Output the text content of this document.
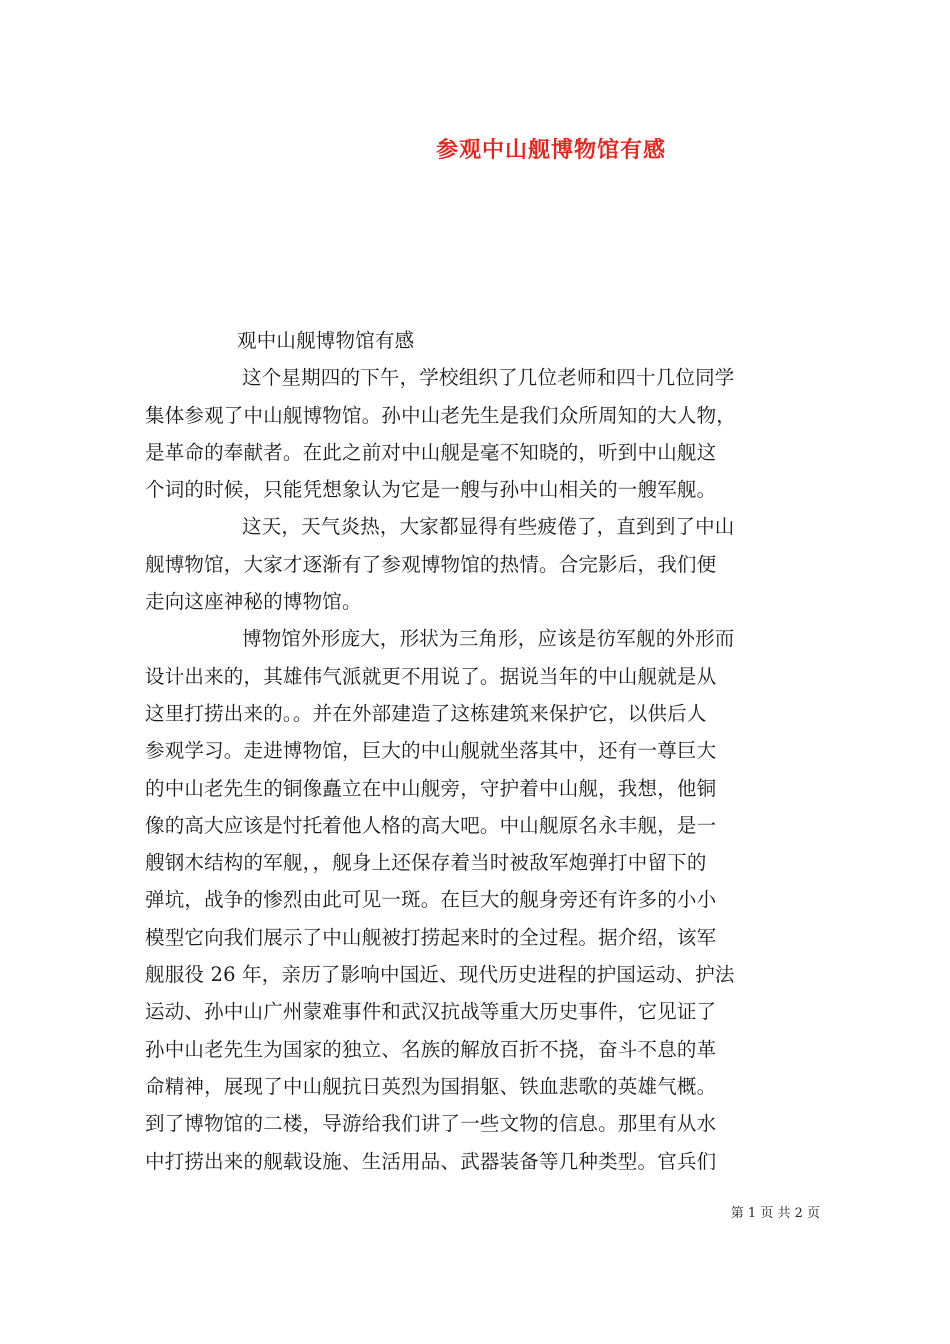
参观中山舰博物馆有感
观中山舰博物馆有感
这个星期四的下午，学校组织了几位老师和四十几位同学
集体参观了中山舰博物馆。孙中山老先生是我们众所周知的大人物，
是革命的奉献者。在此之前对中山舰是毫不知晓的，听到中山舰这
个词的时候，只能凭想象认为它是一艘与孙中山相关的一艘军舰。
这天，天气炎热，大家都显得有些疲倦了，直到到了中山
舰博物馆，大家才逐渐有了参观博物馆的热情。合完影后，我们便
走向这座神秘的博物馆。
博物馆外形庞大，形状为三角形，应该是彷军舰的外形而
设计出来的，其雄伟气派就更不用说了。据说当年的中山舰就是从
这里打捞出来的。。并在外部建造了这栋建筑来保护它，以供后人
参观学习。走进博物馆，巨大的中山舰就坐落其中，还有一尊巨大
的中山老先生的铜像矗立在中山舰旁，守护着中山舰，我想，他铜
像的高大应该是忖托着他人格的高大吧。中山舰原名永丰舰，是一
艘钢木结构的军舰，，舰身上还保存着当时被敌军炮弹打中留下的
弹坑，战争的惨烈由此可见一斑。在巨大的舰身旁还有许多的小小
模型它向我们展示了中山舰被打捞起来时的全过程。据介绍，该军
舰服役 26 年，亲历了影响中国近、现代历史进程的护国运动、护法
运动、孙中山广州蒙难事件和武汉抗战等重大历史事件，它见证了
孙中山老先生为国家的独立、名族的解放百折不挠，奋斗不息的革
命精神，展现了中山舰抗日英烈为国捐躯、铁血悲歌的英雄气概。
到了博物馆的二楼，导游给我们讲了一些文物的信息。那里有从水
中打捞出来的舰载设施、生活用品、武器装备等几种类型。官兵们
第 1 页 共 2 页
